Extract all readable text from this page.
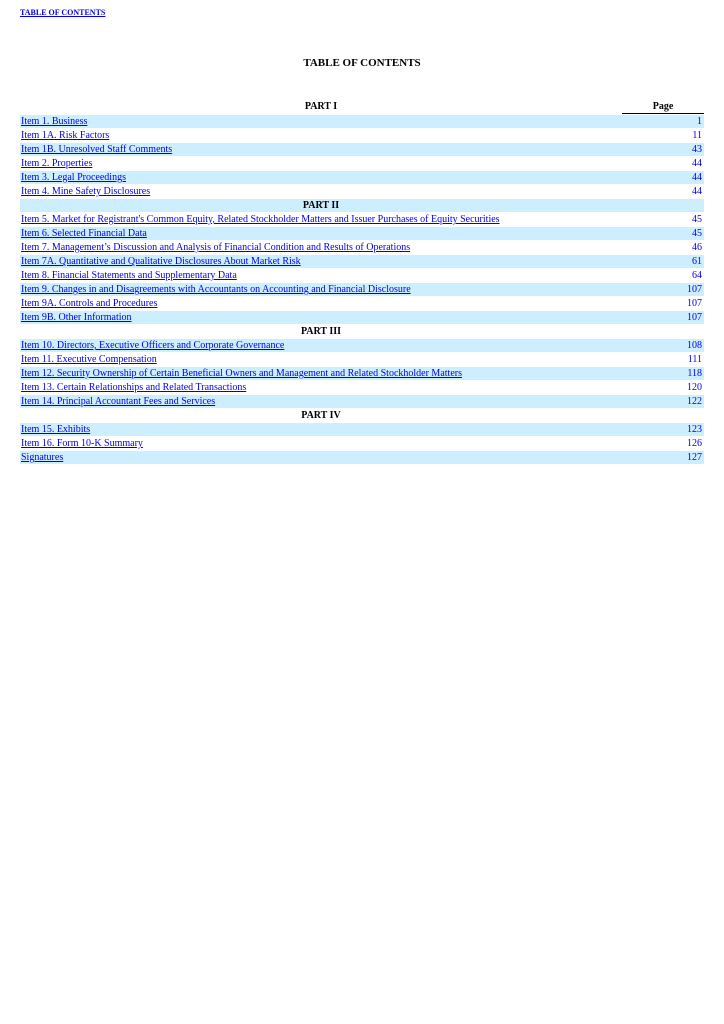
TABLE OF CONTENTS
TABLE OF CONTENTS
PART I	Page
Item 1. Business	1
Item 1A. Risk Factors	11
Item 1B. Unresolved Staff Comments	43
Item 2. Properties	44
Item 3. Legal Proceedings	44
Item 4. Mine Safety Disclosures	44
PART II
Item 5. Market for Registrant's Common Equity, Related Stockholder Matters and Issuer Purchases of Equity Securities	45
Item 6. Selected Financial Data	45
Item 7. Management’s Discussion and Analysis of Financial Condition and Results of Operations	46
Item 7A. Quantitative and Qualitative Disclosures About Market Risk	61
Item 8. Financial Statements and Supplementary Data	64
Item 9. Changes in and Disagreements with Accountants on Accounting and Financial Disclosure	107
Item 9A. Controls and Procedures	107
Item 9B. Other Information	107
PART III
Item 10. Directors, Executive Officers and Corporate Governance	108
Item 11. Executive Compensation	111
Item 12. Security Ownership of Certain Beneficial Owners and Management and Related Stockholder Matters	118
Item 13. Certain Relationships and Related Transactions	120
Item 14. Principal Accountant Fees and Services	122
PART IV
Item 15. Exhibits	123
Item 16. Form 10-K Summary	126
Signatures	127
